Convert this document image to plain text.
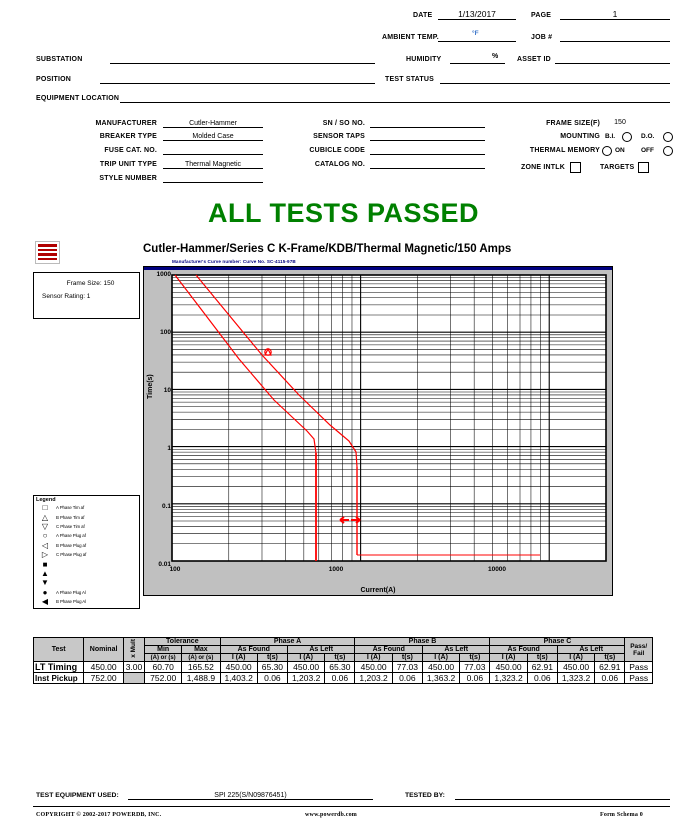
DATE	1/13/2017	PAGE	1
AMBIENT TEMP.
°F
JOB #
SUBSTATION	HUMIDITY	%	ASSET ID
POSITION	TEST STATUS
EQUIPMENT LOCATION
MANUFACTURER	Cutler-Hammer
BREAKER TYPE	Molded Case
FUSE CAT. NO.
TRIP UNIT TYPE	Thermal Magnetic
STYLE NUMBER
SN / SO NO.
SENSOR TAPS
CUBICLE CODE
CATALOG NO.
FRAME SIZE(F)	150
MOUNTING B.I.	D.O.
THERMAL MEMORY ON	OFF
ZONE INTLK	TARGETS
ALL TESTS PASSED
Cutler-Hammer/Series C K-Frame/KDB/Thermal Magnetic/150 Amps
Manufacturer's Curve number: Curve No. SC-4115-97B
Frame Size: 150
Sensor Rating: 1
Legend
□	A Phase Tim af
△	B Phase Tim af
▽	C Phase Tim af
○	A Phase Plug af
◁	B Phase Plug af
▷	C Phase Plug af
■
▲
▼
●	A Phase Plug Al
◀	B Phase Plug Al
Time(s)
Current(A)
1000
100
10
1
0.1
0.01
100	1000	10000
Test	Nominal	x Mult	Tolerance		Phase A				Phase B				Phase C				Pass/ Fail
			Min	Max	As Found		As Left		As Found		As Left		As Found		As Left		
			(A) or (s)	(A) or (s)	I (A)	t(s)	I (A)	t(s)	I (A)	t(s)	I (A)	t(s)	I (A)	t(s)	I (A)	t(s)	
LT Timing	450.00	3.00	60.70	165.52	450.00	65.30	450.00	65.30	450.00	77.03	450.00	77.03	450.00	62.91	450.00	62.91	Pass
Inst Pickup	752.00		752.00	1,488.9	1,403.2	0.06	1,203.2	0.06	1,203.2	0.06	1,363.2	0.06	1,323.2	0.06	1,323.2	0.06	Pass
TEST EQUIPMENT USED:	SPI 225(S/N09876451)	TESTED BY:
COPYRIGHT © 2002-2017 POWERDB, INC.	www.powerdb.com	Form Schema 0
